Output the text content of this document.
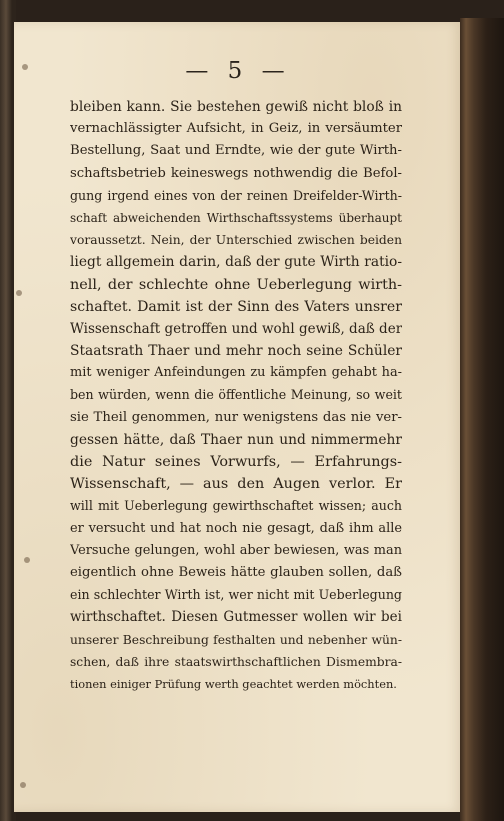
— 5 —
bleiben kann. Sie bestehen gewiß nicht bloß in
vernachlässigter Aufsicht, in Geiz, in versäumter
Bestellung, Saat und Erndte, wie der gute Wirth-
schaftsbetrieb keineswegs nothwendig die Befol-
gung irgend eines von der reinen Dreifelder-Wirth-
schaft abweichenden Wirthschaftssystems überhaupt
voraussetzt. Nein, der Unterschied zwischen beiden
liegt allgemein darin, daß der gute Wirth ratio-
nell, der schlechte ohne Ueberlegung wirth-
schaftet. Damit ist der Sinn des Vaters unsrer
Wissenschaft getroffen und wohl gewiß, daß der
Staatsrath Thaer und mehr noch seine Schüler
mit weniger Anfeindungen zu kämpfen gehabt ha-
ben würden, wenn die öffentliche Meinung, so weit
sie Theil genommen, nur wenigstens das nie ver-
gessen hätte, daß Thaer nun und nimmermehr
die Natur seines Vorwurfs, — Erfahrungs-
Wissenschaft, — aus den Augen verlor. Er
will mit Ueberlegung gewirthschaftet wissen; auch
er versucht und hat noch nie gesagt, daß ihm alle
Versuche gelungen, wohl aber bewiesen, was man
eigentlich ohne Beweis hätte glauben sollen, daß
ein schlechter Wirth ist, wer nicht mit Ueberlegung
wirthschaftet. Diesen Gutmesser wollen wir bei
unserer Beschreibung festhalten und nebenher wün-
schen, daß ihre staatswirthschaftlichen Dismembra-
tionen einiger Prüfung werth geachtet werden möchten.
